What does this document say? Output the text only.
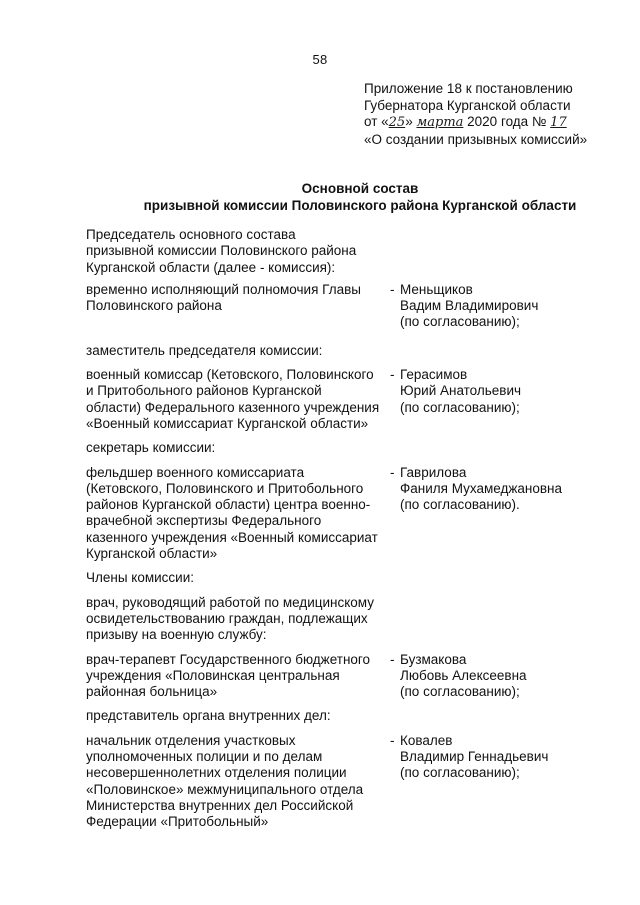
58
Приложение 18 к постановлению
Губернатора Курганской области
от «25» марта 2020 года № 17
«О создании призывных комиссий»
Основной состав
призывной комиссии Половинского района Курганской области
Председатель основного состава
призывной комиссии Половинского района
Курганской области (далее - комиссия):
временно исполняющий полномочия Главы
Половинского района
- Меньщиков
Вадим Владимирович
(по согласованию);
заместитель председателя комиссии:
военный комиссар (Кетовского, Половинского
и Притобольного районов Курганской
области) Федерального казенного учреждения
«Военный комиссариат Курганской области»
- Герасимов
Юрий Анатольевич
(по согласованию);
секретарь комиссии:
фельдшер военного комиссариата
(Кетовского, Половинского и Притобольного
районов Курганской области) центра военно-
врачебной экспертизы Федерального
казенного учреждения «Военный комиссариат
Курганской области»
- Гаврилова
Фаниля Мухамеджановна
(по согласованию).
Члены комиссии:
врач, руководящий работой по медицинскому
освидетельствованию граждан, подлежащих
призыву на военную службу:
врач-терапевт Государственного бюджетного
учреждения «Половинская центральная
районная больница»
- Бузмакова
Любовь Алексеевна
(по согласованию);
представитель органа внутренних дел:
начальник отделения участковых
уполномоченных полиции и по делам
несовершеннолетних отделения полиции
«Половинское» межмуниципального отдела
Министерства внутренних дел Российской
Федерации «Притобольный»
- Ковалев
Владимир Геннадьевич
(по согласованию);
